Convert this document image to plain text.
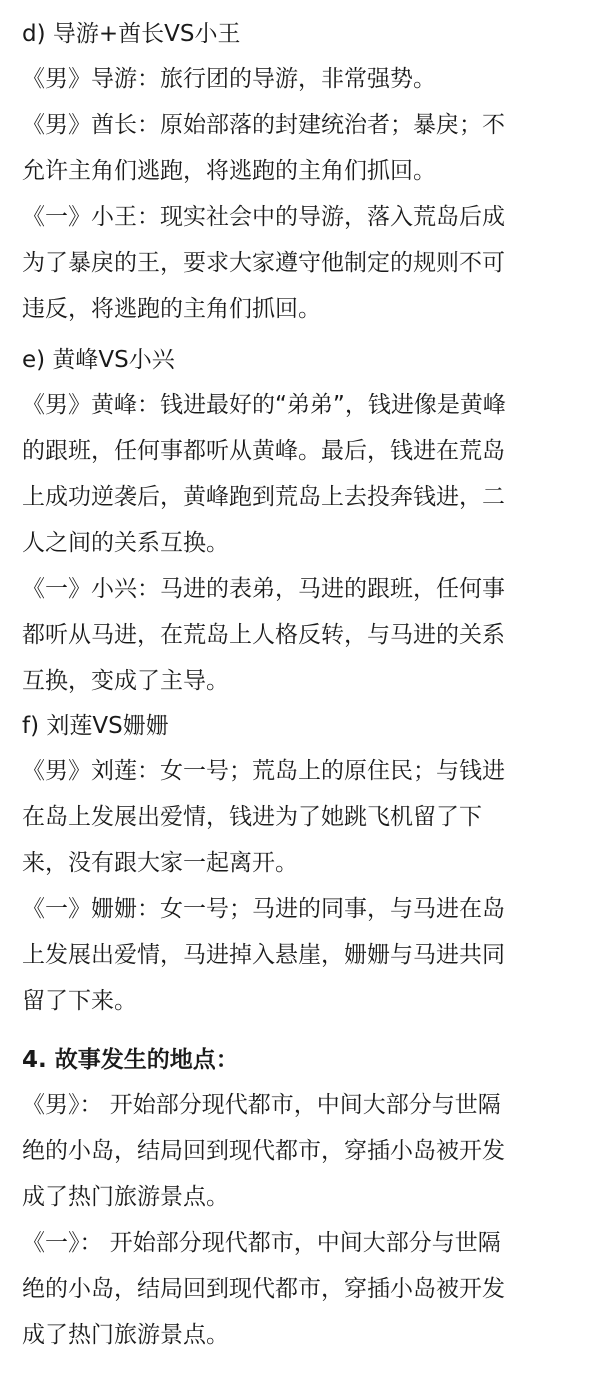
d) 导游+酋长VS小王

《男》导游：旅行团的导游，非常强势。

《男》酋长：原始部落的封建统治者；暴戾；不

允许主角们逃跑，将逃跑的主角们抓回。

《一》小王：现实社会中的导游，落入荒岛后成

为了暴戾的王，要求大家遵守他制定的规则不可

违反，将逃跑的主角们抓回。

e) 黄峰VS小兴

《男》黄峰：钱进最好的“弟弟”，钱进像是黄峰

的跟班，任何事都听从黄峰。最后，钱进在荒岛

上成功逆袭后，黄峰跑到荒岛上去投奔钱进，二

人之间的关系互换。

《一》小兴：马进的表弟，马进的跟班，任何事

都听从马进，在荒岛上人格反转，与马进的关系

互换，变成了主导。

f) 刘莲VS姗姗

《男》刘莲：女一号；荒岛上的原住民；与钱进

在岛上发展出爱情，钱进为了她跳飞机留了下

来，没有跟大家一起离开。

《一》姗姗：女一号；马进的同事，与马进在岛

上发展出爱情，马进掉入悬崖，姗姗与马进共同

留了下来。

4. 故事发生的地点：

《男》： 开始部分现代都市，中间大部分与世隔

绝的小岛，结局回到现代都市，穿插小岛被开发

成了热门旅游景点。

《一》： 开始部分现代都市，中间大部分与世隔

绝的小岛，结局回到现代都市，穿插小岛被开发

成了热门旅游景点。
